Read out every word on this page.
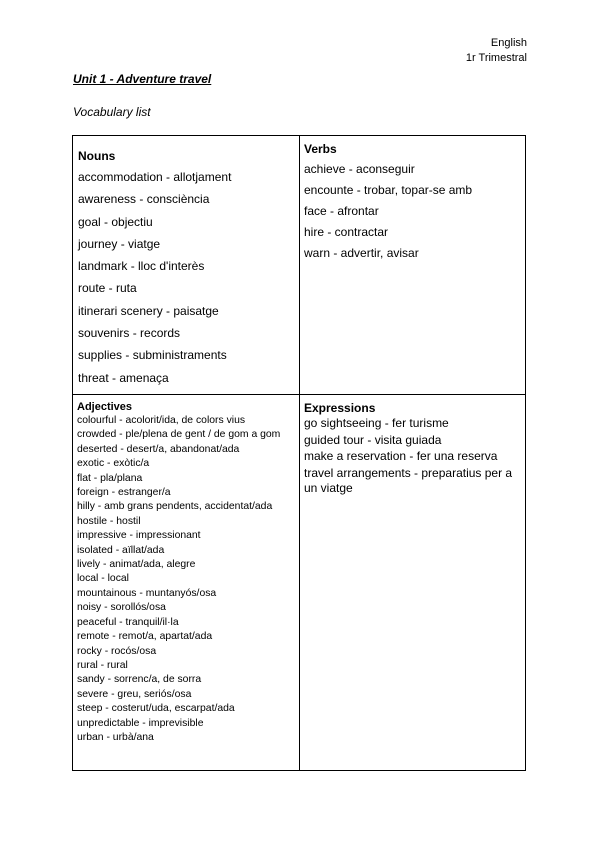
English
1r Trimestral
Unit 1 - Adventure travel
Vocabulary list
Nouns
accommodation - allotjament
awareness - consciència
goal - objectiu
journey - viatge
landmark - lloc d'interès
route - ruta
itinerari scenery - paisatge
souvenirs - records
supplies - subministraments
threat - amenaça
Verbs
achieve - aconseguir
encounte - trobar, topar-se amb
face - afrontar
hire - contractar
warn - advertir, avisar
Adjectives
colourful - acolorit/ida, de colors vius
crowded - ple/plena de gent / de gom a gom
deserted - desert/a, abandonat/ada
exotic - exòtic/a
flat - pla/plana
foreign - estranger/a
hilly - amb grans pendents, accidentat/ada
hostile - hostil
impressive - impressionant
isolated - aïllat/ada
lively - animat/ada, alegre
local - local
mountainous - muntanyós/osa
noisy - sorollós/osa
peaceful - tranquil/il·la
remote - remot/a, apartat/ada
rocky - rocós/osa
rural - rural
sandy - sorrenc/a, de sorra
severe - greu, seriós/osa
steep - costerut/uda, escarpat/ada
unpredictable - imprevisible
urban - urbà/ana
Expressions
go sightseeing - fer turisme
guided tour - visita guiada
make a reservation - fer una reserva
travel arrangements - preparatius per a un viatge
